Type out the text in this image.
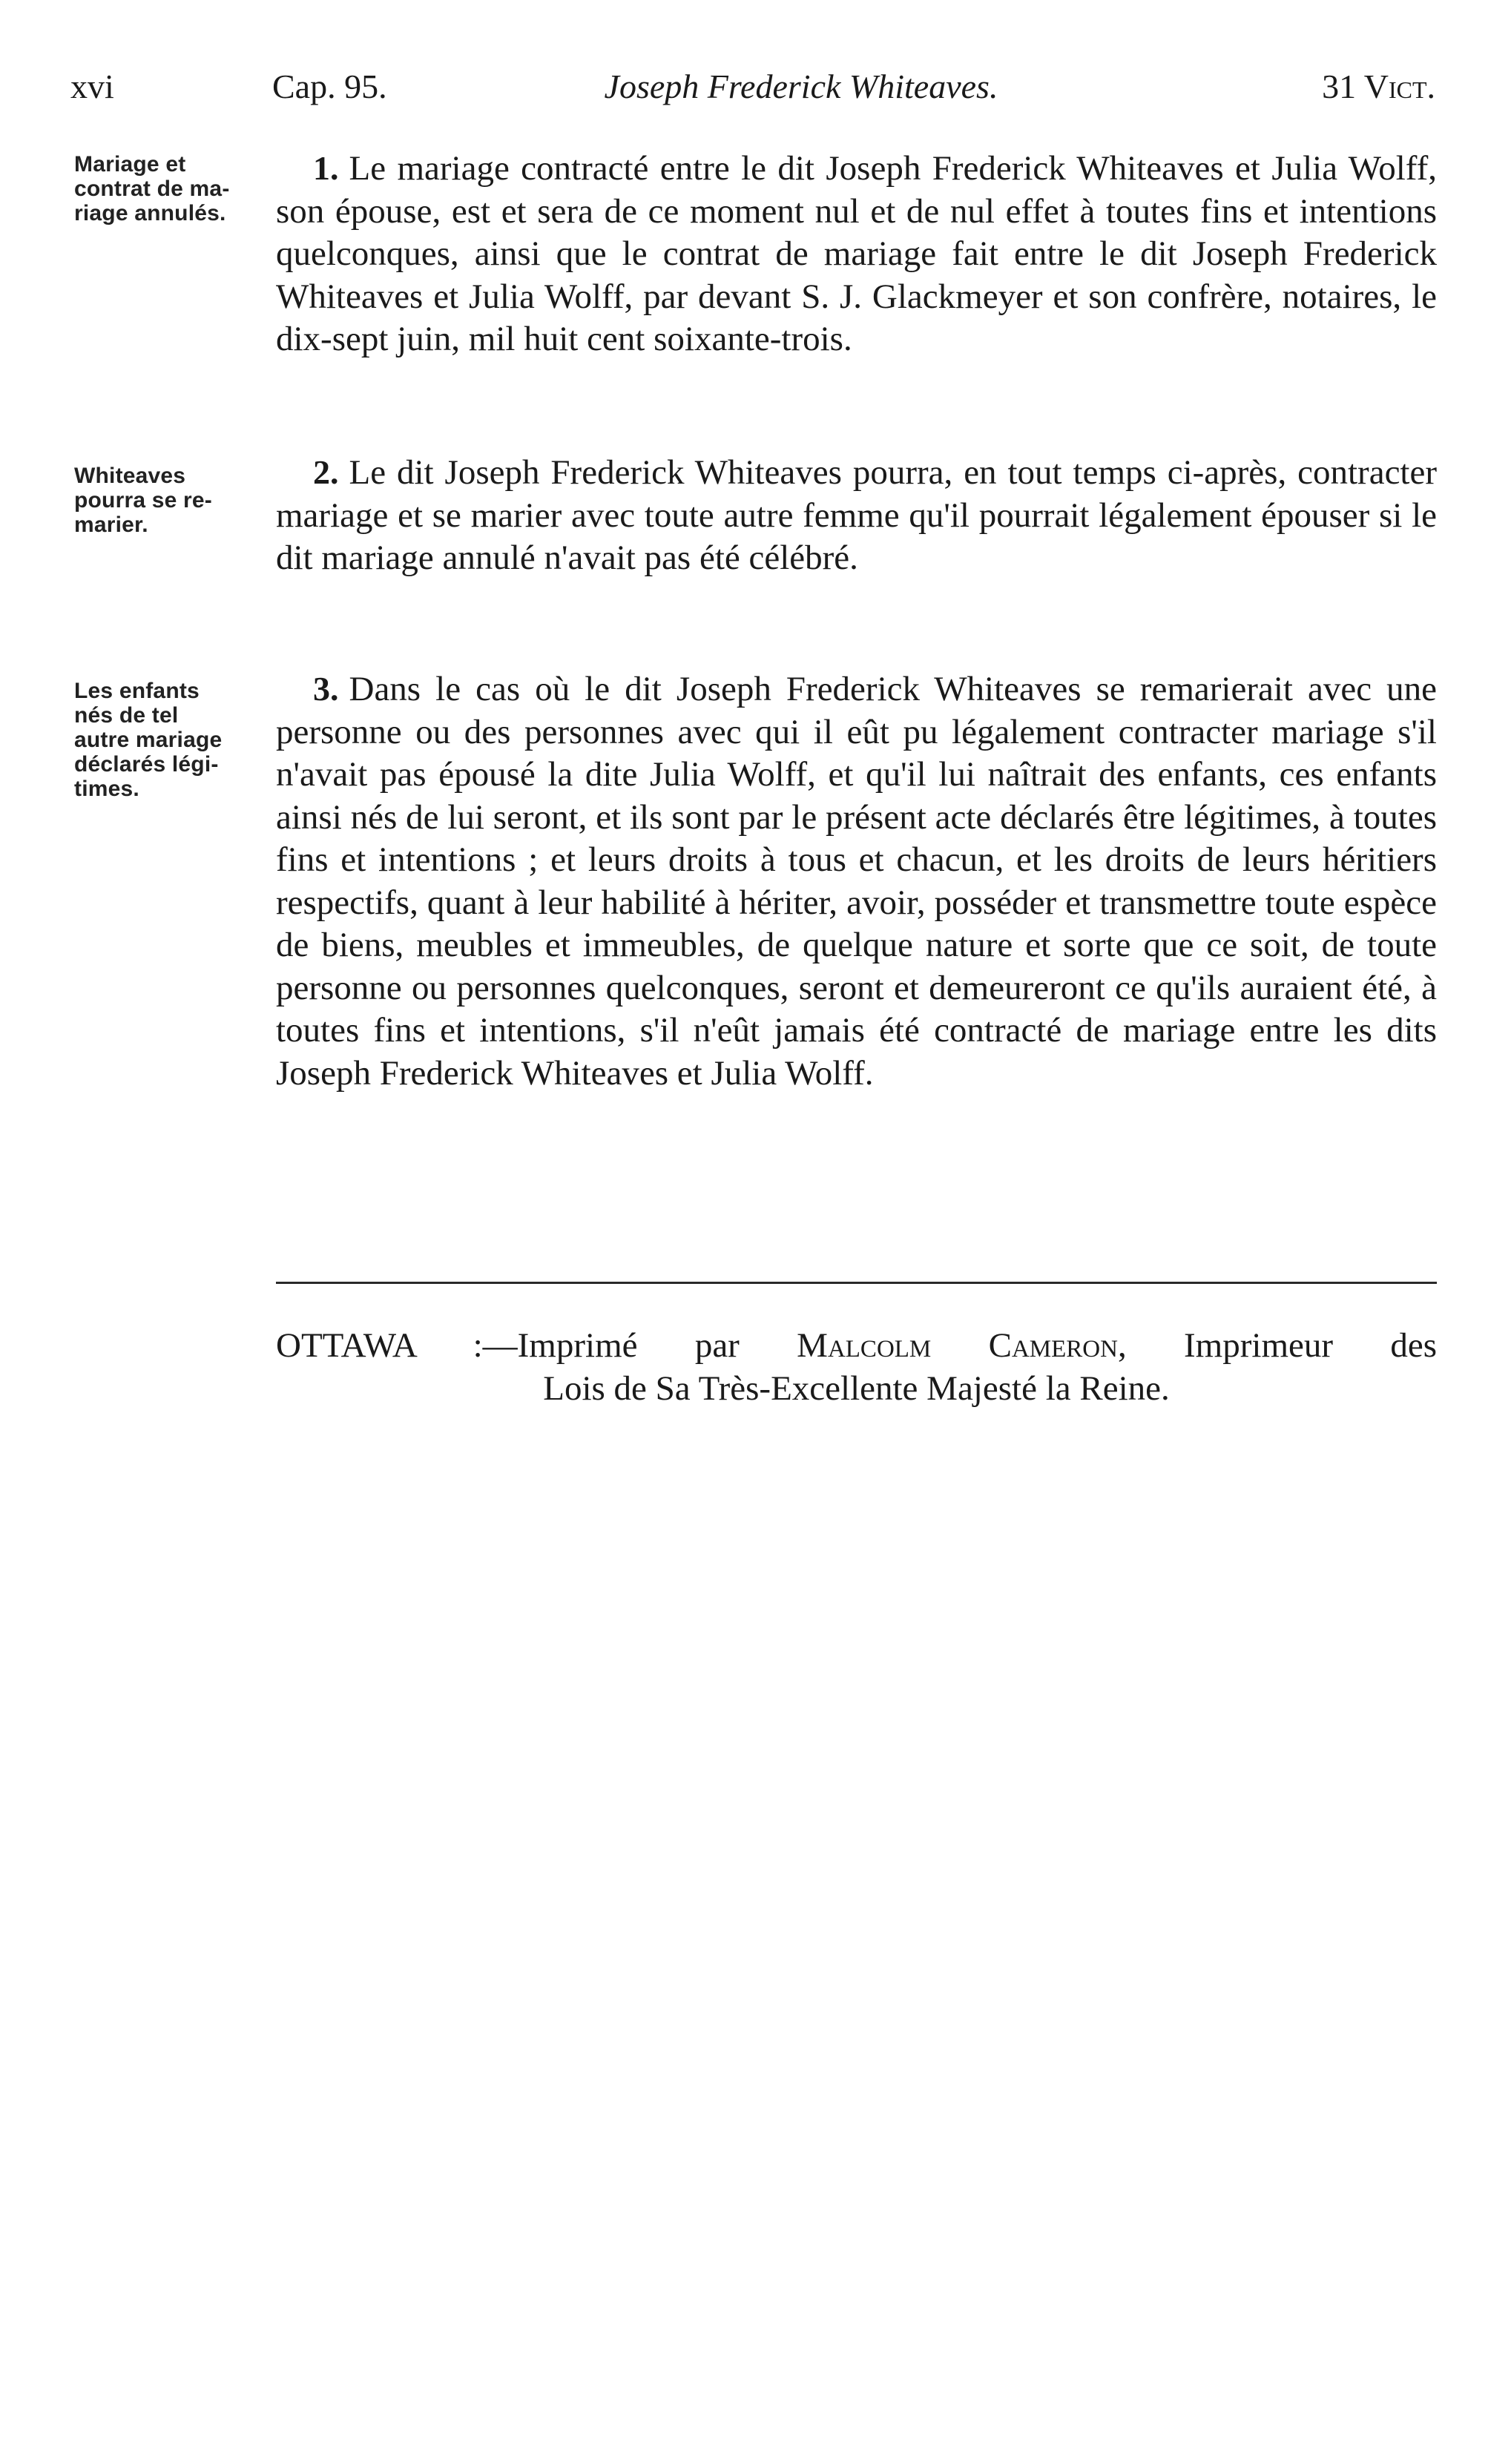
xvi	Cap. 95.	Joseph Frederick Whiteaves.	31 Vict.
Mariage et
contrat de ma-
riage annulés.
Whiteaves
pourra se re-
marier.
Les enfants
nés de tel
autre mariage
déclarés légi-
times.
1. Le mariage contracté entre le dit Joseph Frederick Whiteaves et Julia Wolff, son épouse, est et sera de ce moment nul et de nul effet à toutes fins et intentions quelconques, ainsi que le contrat de mariage fait entre le dit Joseph Frederick Whiteaves et Julia Wolff, par devant S. J. Glackmeyer et son confrère, notaires, le dix-sept juin, mil huit cent soixante-trois.
2. Le dit Joseph Frederick Whiteaves pourra, en tout temps ci-après, contracter mariage et se marier avec toute autre femme qu'il pourrait légalement épouser si le dit mariage annulé n'avait pas été célébré.
3. Dans le cas où le dit Joseph Frederick Whiteaves se remarierait avec une personne ou des personnes avec qui il eût pu légalement contracter mariage s'il n'avait pas épousé la dite Julia Wolff, et qu'il lui naîtrait des enfants, ces enfants ainsi nés de lui seront, et ils sont par le présent acte déclarés être légitimes, à toutes fins et intentions ; et leurs droits à tous et chacun, et les droits de leurs héritiers respectifs, quant à leur habilité à hériter, avoir, posséder et transmettre toute espèce de biens, meubles et immeubles, de quelque nature et sorte que ce soit, de toute personne ou personnes quelconques, seront et demeureront ce qu'ils auraient été, à toutes fins et intentions, s'il n'eût jamais été contracté de mariage entre les dits Joseph Frederick Whiteaves et Julia Wolff.
OTTAWA :—Imprimé par Malcolm Cameron, Imprimeur des
Lois de Sa Très-Excellente Majesté la Reine.
